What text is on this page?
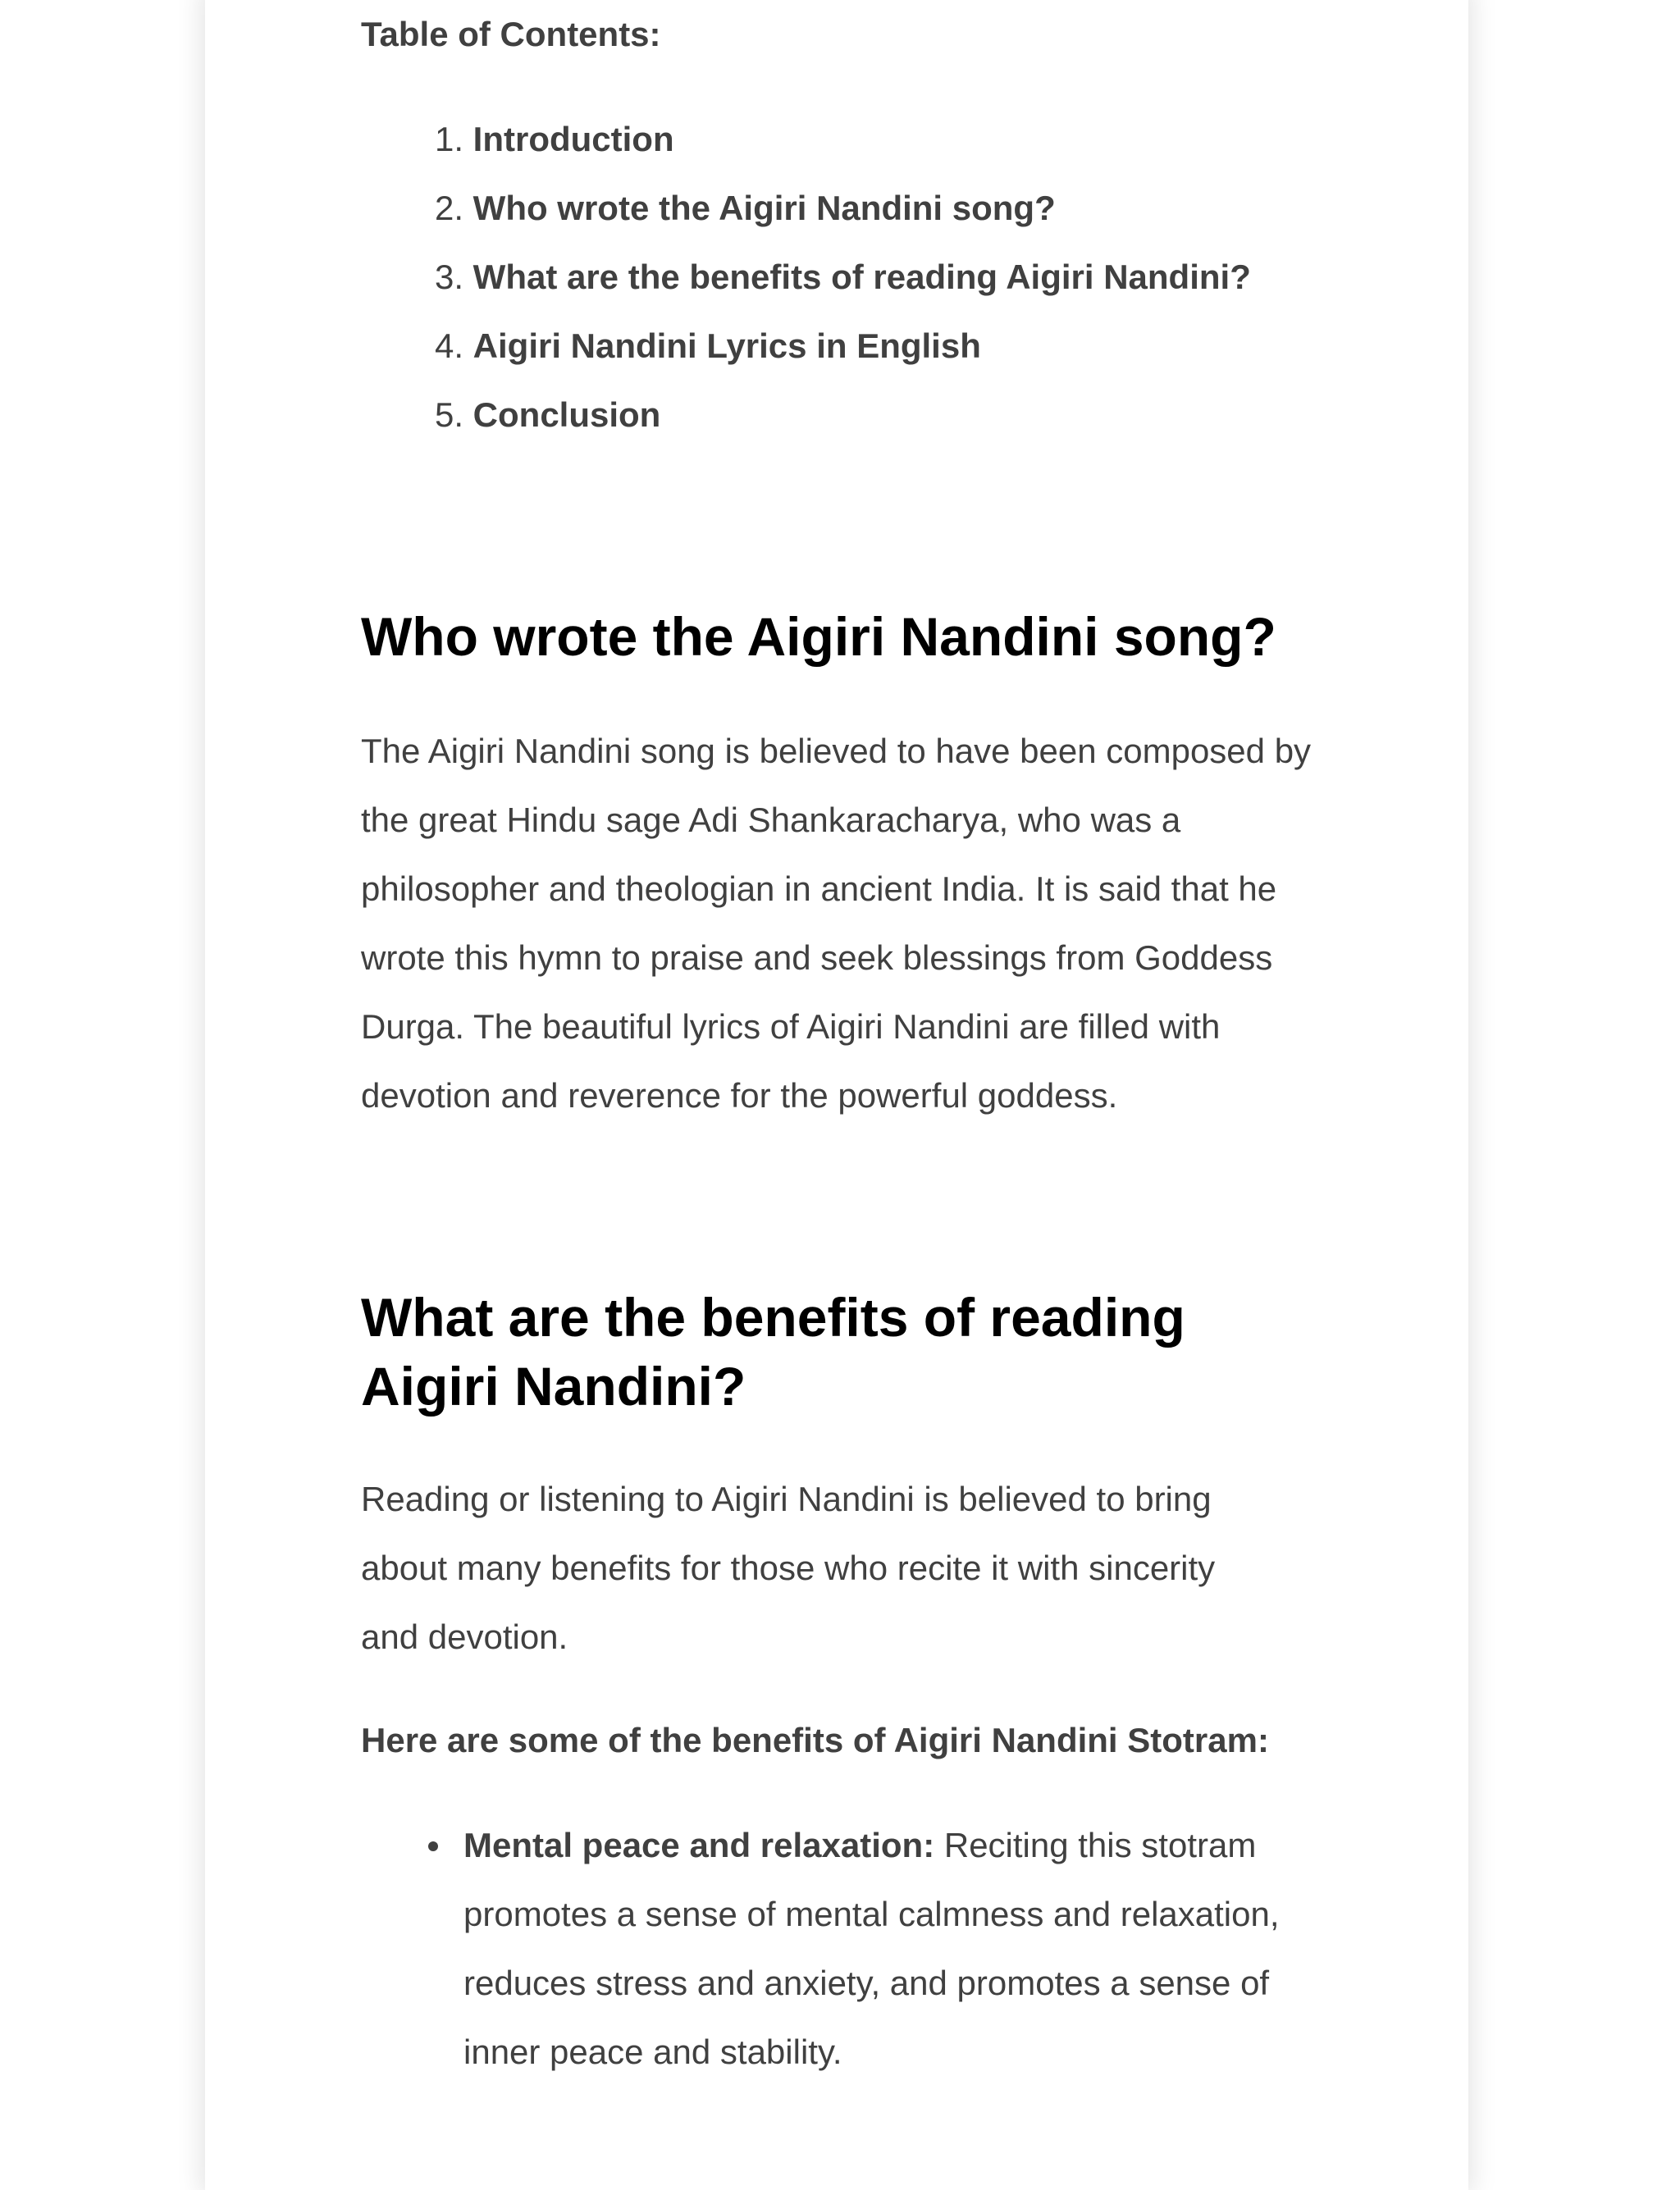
Table of Contents:

1. Introduction
2. Who wrote the Aigiri Nandini song?
3. What are the benefits of reading Aigiri Nandini?
4. Aigiri Nandini Lyrics in English
5. Conclusion
Who wrote the Aigiri Nandini song?

The Aigiri Nandini song is believed to have been composed by the great Hindu sage Adi Shankaracharya, who was a philosopher and theologian in ancient India. It is said that he wrote this hymn to praise and seek blessings from Goddess Durga. The beautiful lyrics of Aigiri Nandini are filled with devotion and reverence for the powerful goddess.

What are the benefits of reading Aigiri Nandini?

Reading or listening to Aigiri Nandini is believed to bring about many benefits for those who recite it with sincerity and devotion.

Here are some of the benefits of Aigiri Nandini Stotram:

Mental peace and relaxation: Reciting this stotram promotes a sense of mental calmness and relaxation, reduces stress and anxiety, and promotes a sense of inner peace and stability.
